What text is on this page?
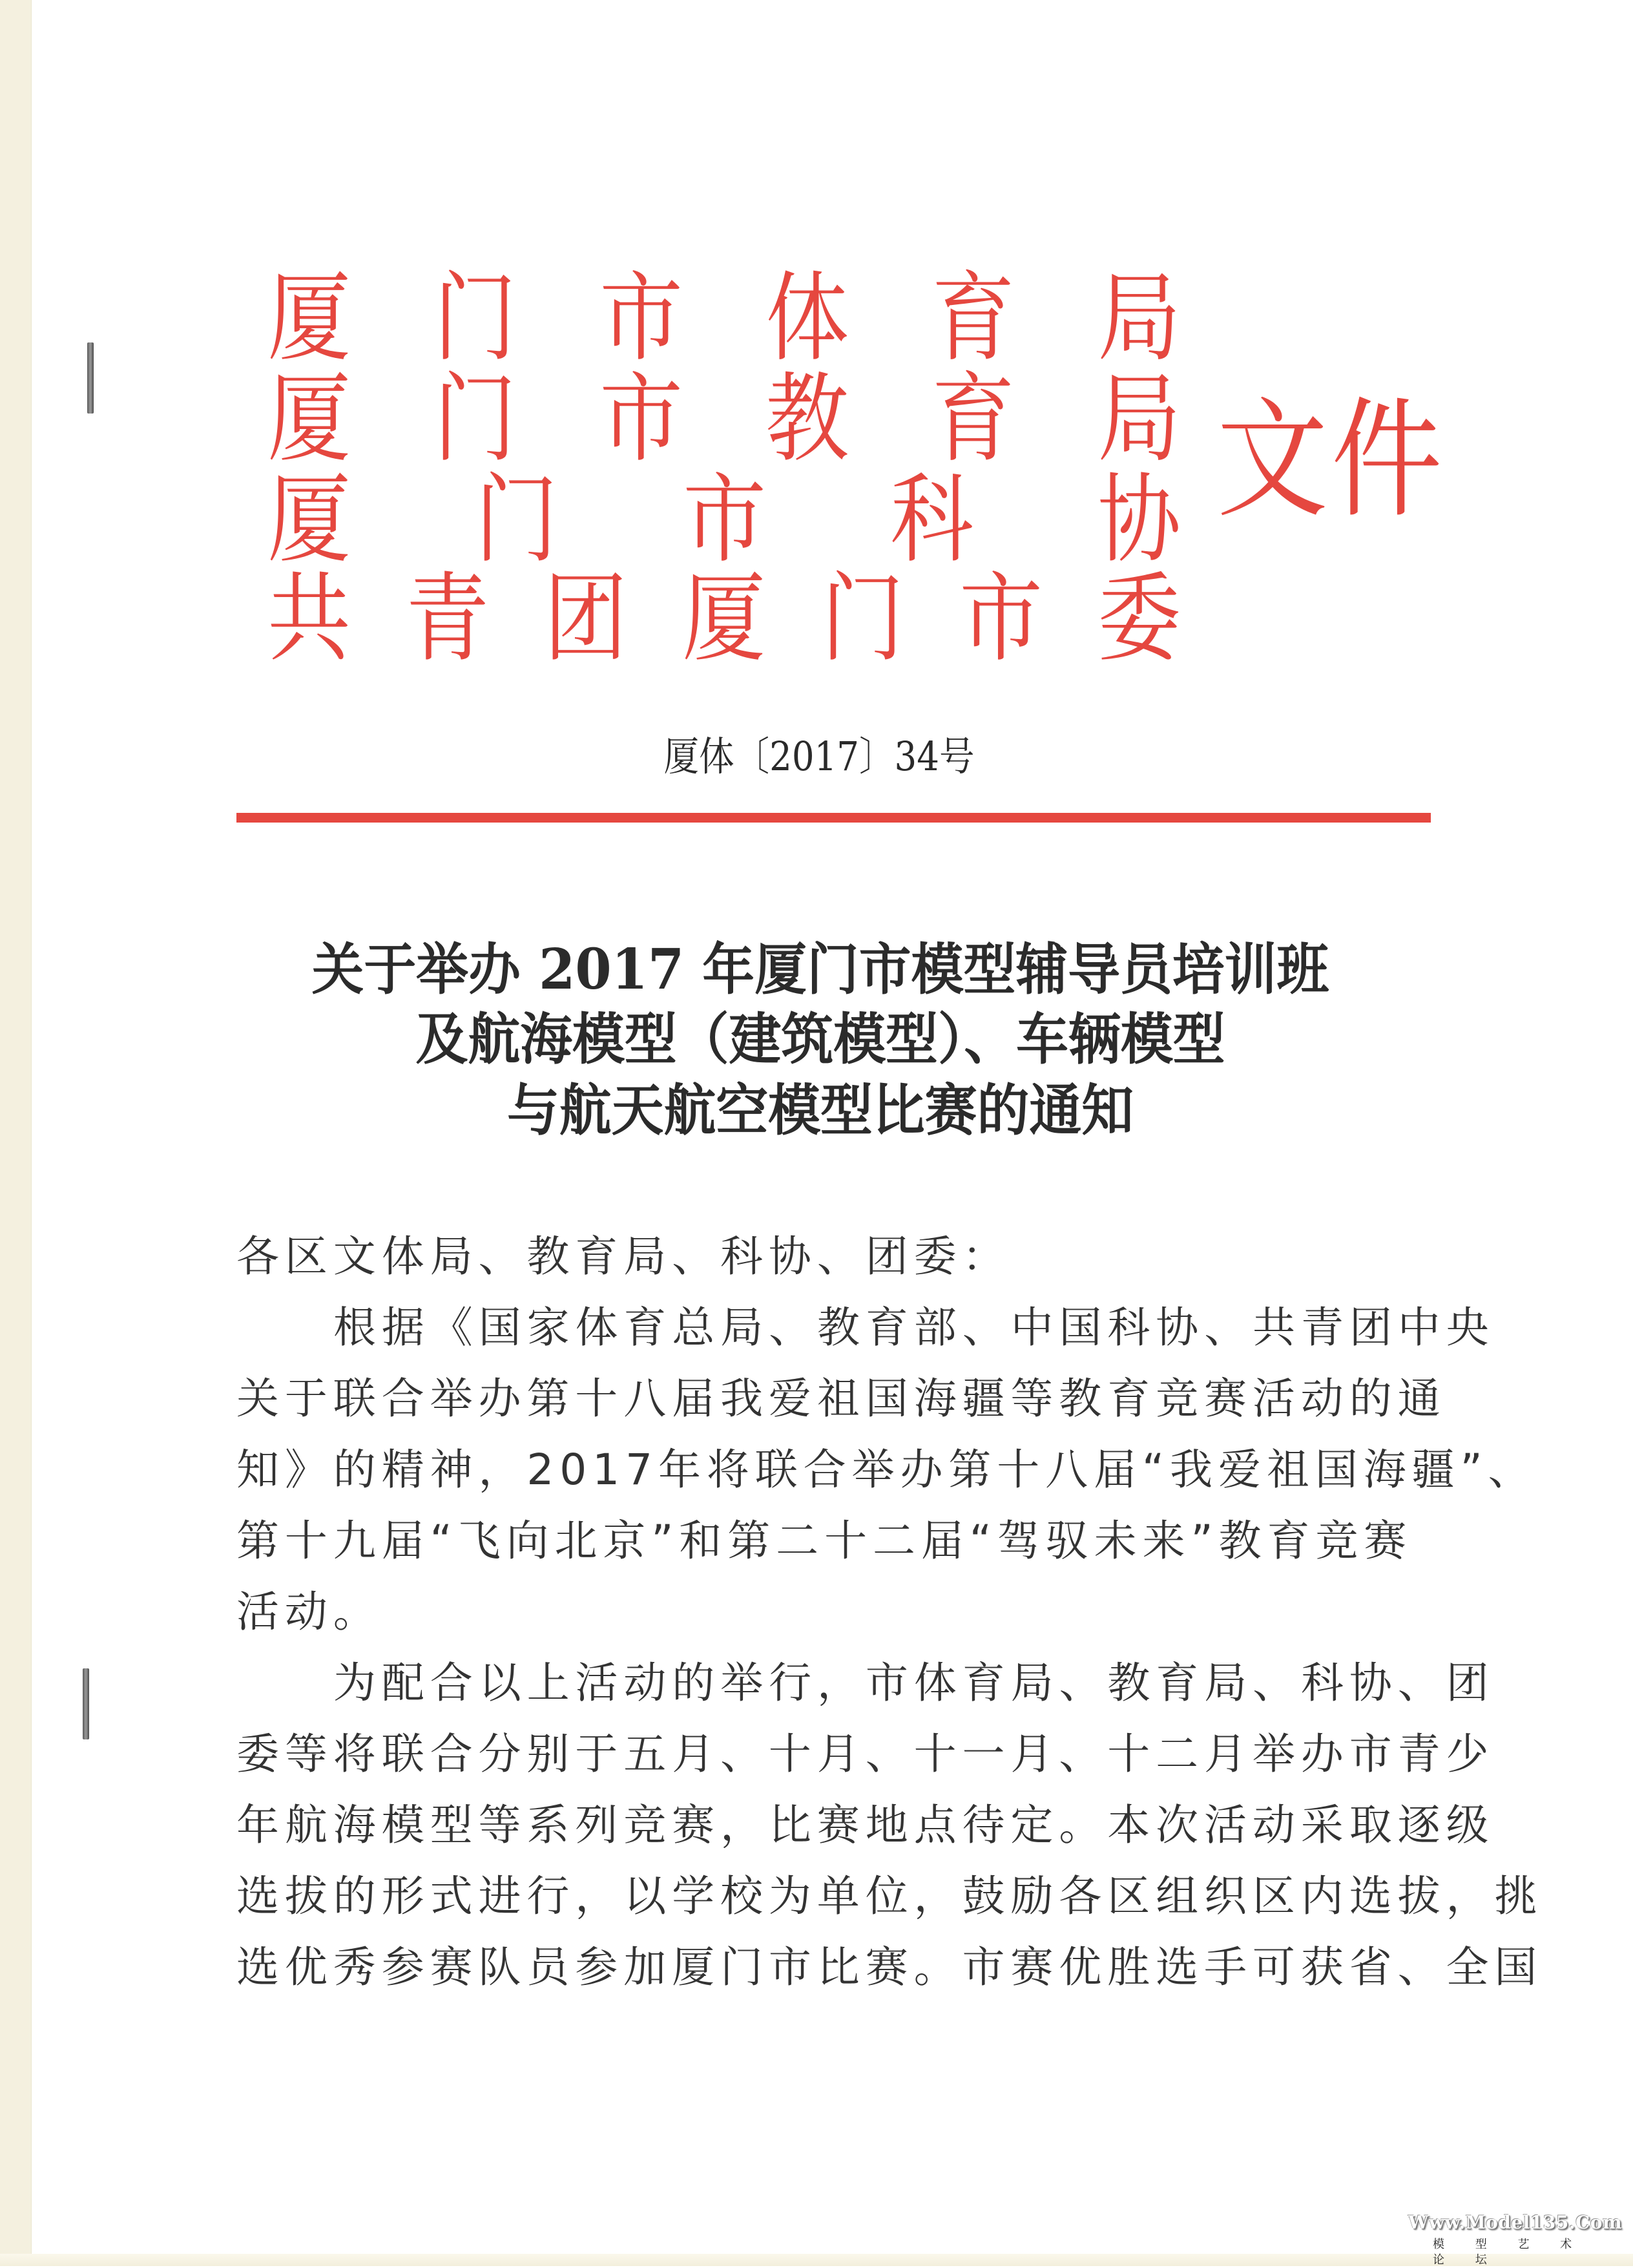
厦 门 市 体 育 局
厦 门 市 教 育 局
厦 门 市 科 协
共 青 团 厦 门 市 委
文 件
厦体〔2017〕34号
关于举办 2017 年厦门市模型辅导员培训班
及航海模型（建筑模型）、车辆模型
与航天航空模型比赛的通知
各区文体局、教育局、科协、团委：
根据《国家体育总局、教育部、中国科协、共青团中央
关于联合举办第十八届我爱祖国海疆等教育竞赛活动的通
知》的精神，2017年将联合举办第十八届“我爱祖国海疆”、
第十九届“飞向北京”和第二十二届“驾驭未来”教育竞赛
活动。
为配合以上活动的举行，市体育局、教育局、科协、团
委等将联合分别于五月、十月、十一月、十二月举办市青少
年航海模型等系列竞赛，比赛地点待定。本次活动采取逐级
选拔的形式进行，以学校为单位，鼓励各区组织区内选拔，挑
选优秀参赛队员参加厦门市比赛。市赛优胜选手可获省、全国
Www.Model135.Com
模 型 艺 术 论 坛
